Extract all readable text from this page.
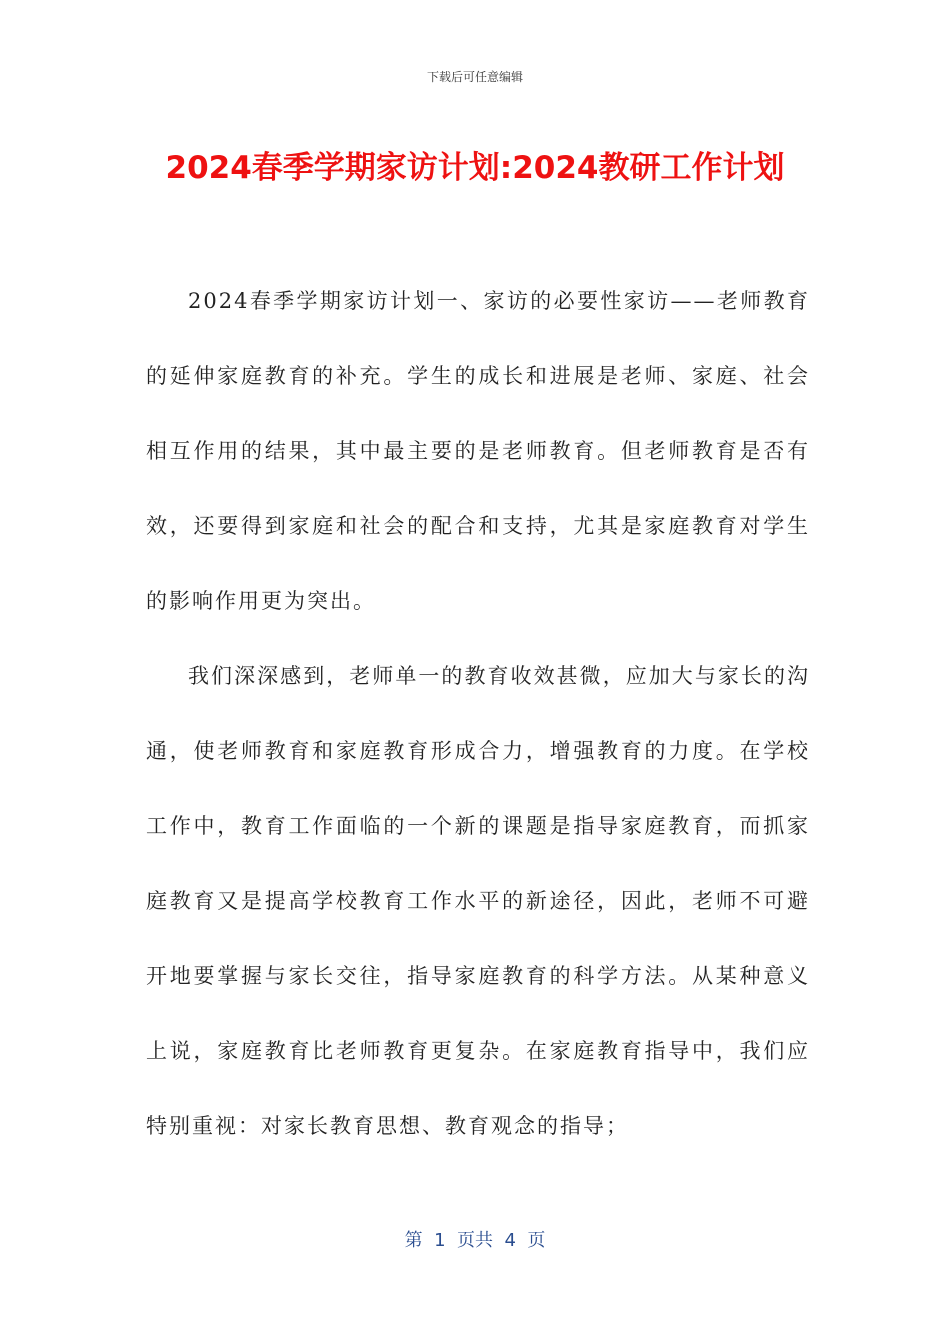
下载后可任意编辑
2024春季学期家访计划:2024教研工作计划

2024春季学期家访计划一、家访的必要性家访——老师教育的延伸家庭教育的补充。学生的成长和进展是老师、家庭、社会相互作用的结果，其中最主要的是老师教育。但老师教育是否有效，还要得到家庭和社会的配合和支持，尤其是家庭教育对学生的影响作用更为突出。

我们深深感到，老师单一的教育收效甚微，应加大与家长的沟通，使老师教育和家庭教育形成合力，增强教育的力度。在学校工作中，教育工作面临的一个新的课题是指导家庭教育，而抓家庭教育又是提高学校教育工作水平的新途径，因此，老师不可避开地要掌握与家长交往，指导家庭教育的科学方法。从某种意义上说，家庭教育比老师教育更复杂。在家庭教育指导中，我们应特别重视：对家长教育思想、教育观念的指导；

第  1  页共  4  页
